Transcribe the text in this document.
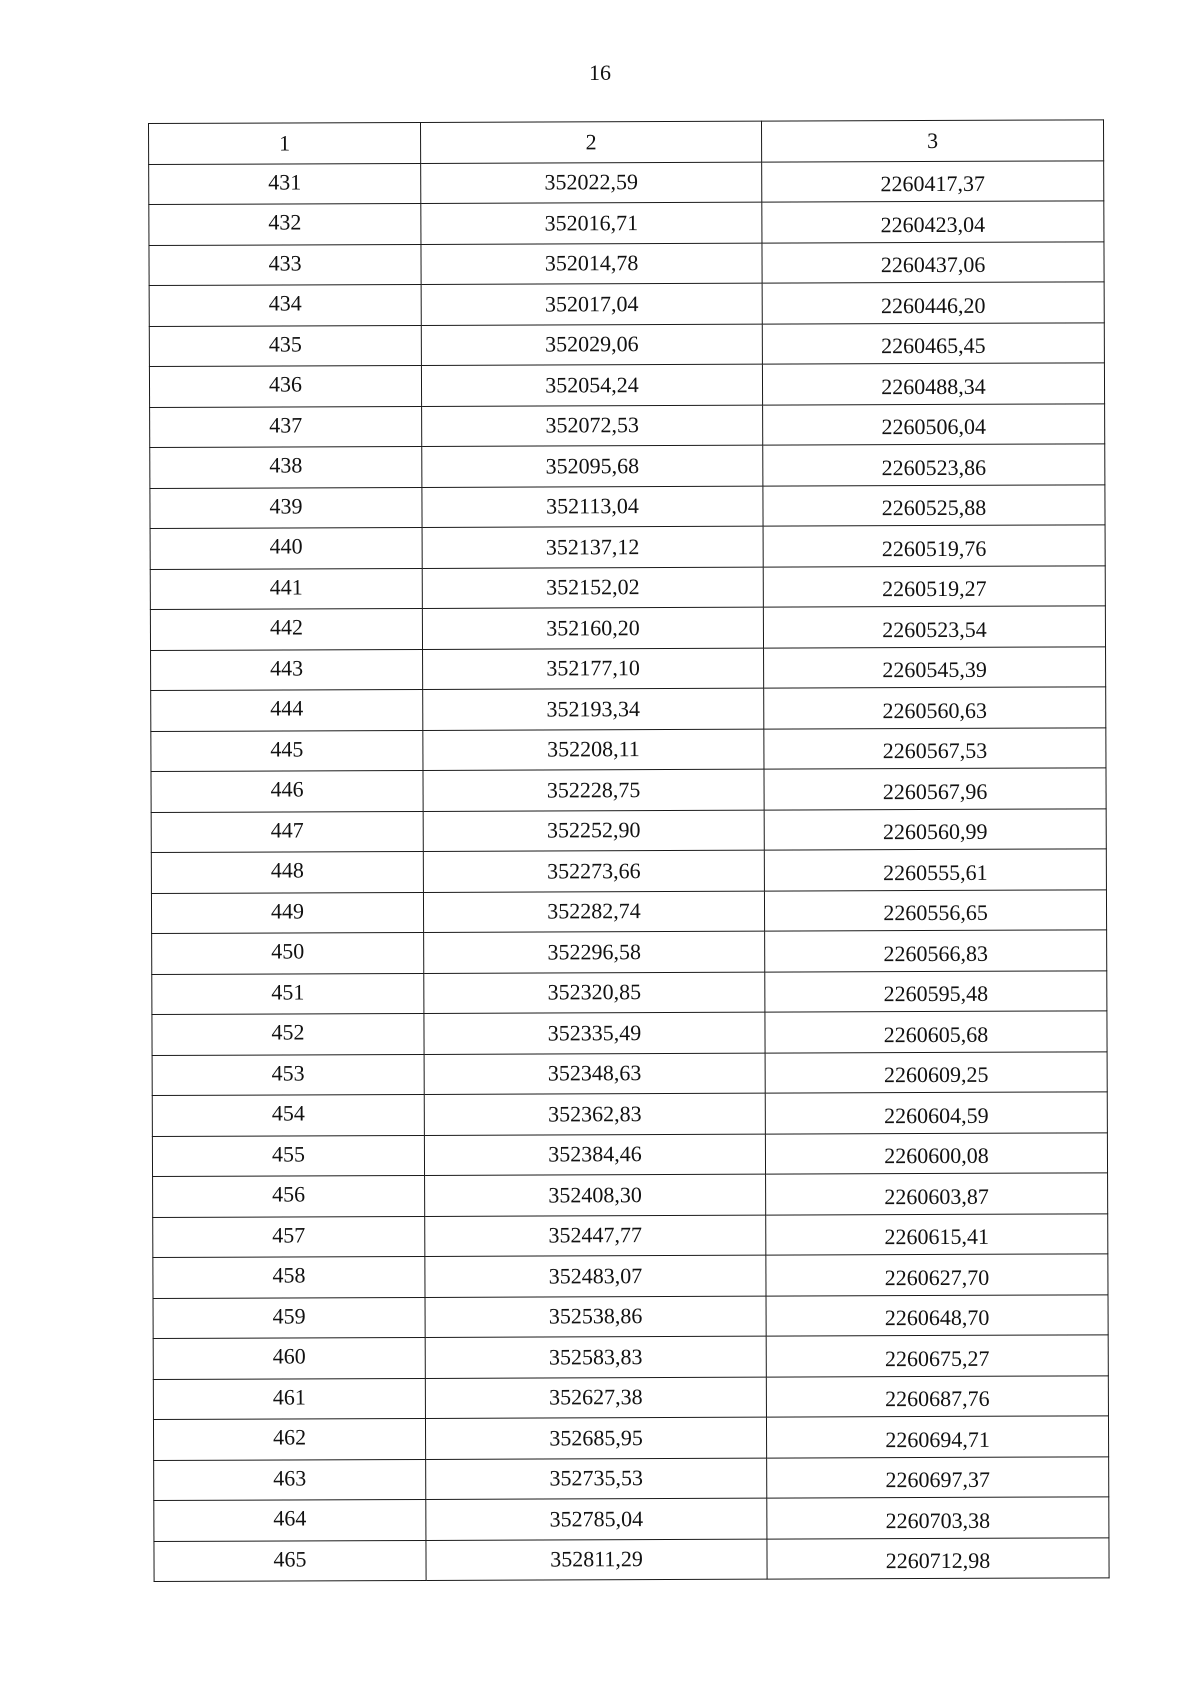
16
1	2	3
431	352022,59	2260417,37
432	352016,71	2260423,04
433	352014,78	2260437,06
434	352017,04	2260446,20
435	352029,06	2260465,45
436	352054,24	2260488,34
437	352072,53	2260506,04
438	352095,68	2260523,86
439	352113,04	2260525,88
440	352137,12	2260519,76
441	352152,02	2260519,27
442	352160,20	2260523,54
443	352177,10	2260545,39
444	352193,34	2260560,63
445	352208,11	2260567,53
446	352228,75	2260567,96
447	352252,90	2260560,99
448	352273,66	2260555,61
449	352282,74	2260556,65
450	352296,58	2260566,83
451	352320,85	2260595,48
452	352335,49	2260605,68
453	352348,63	2260609,25
454	352362,83	2260604,59
455	352384,46	2260600,08
456	352408,30	2260603,87
457	352447,77	2260615,41
458	352483,07	2260627,70
459	352538,86	2260648,70
460	352583,83	2260675,27
461	352627,38	2260687,76
462	352685,95	2260694,71
463	352735,53	2260697,37
464	352785,04	2260703,38
465	352811,29	2260712,98
